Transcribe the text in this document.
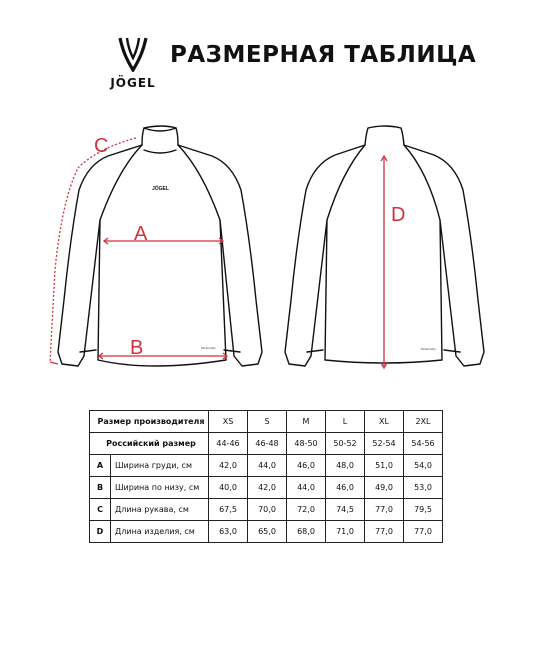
JÖGEL
РАЗМЕРНАЯ ТАБЛИЦА
A
B
C
D
JÖGEL
Performdry	Performdry
Размер производителя		XS	S	M	L	XL	2XL
Российский размер		44-46	46-48	48-50	50-52	52-54	54-56
A	Ширина груди, см	42,0	44,0	46,0	48,0	51,0	54,0
B	Ширина по низу, см	40,0	42,0	44,0	46,0	49,0	53,0
C	Длина рукава, см	67,5	70,0	72,0	74,5	77,0	79,5
D	Длина изделия, см	63,0	65,0	68,0	71,0	77,0	77,0
